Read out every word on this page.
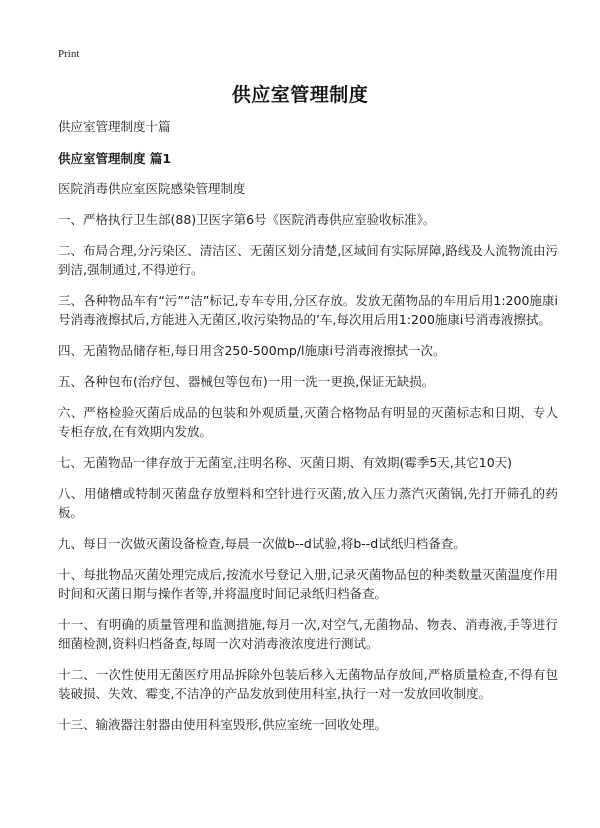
Print
供应室管理制度

供应室管理制度十篇

供应室管理制度 篇1

医院消毒供应室医院感染管理制度

一、严格执行卫生部(88)卫医字第6号《医院消毒供应室验收标准》。

二、布局合理,分污染区、清洁区、无菌区划分清楚,区域间有实际屏障,路线及人流物流由污到洁,强制通过,不得逆行。

三、各种物品车有“污”“洁”标记,专车专用,分区存放。发放无菌物品的车用后用1:200施康ⅰ号消毒液擦拭后,方能进入无菌区,收污染物品的’车,每次用后用1:200施康ⅰ号消毒液擦拭。

四、无菌物品储存柜,每日用含250-500mp/l施康ⅰ号消毒液擦拭一次。

五、各种包布(治疗包、器械包等包布)一用一洗一更换,保证无缺损。

六、严格检验灭菌后成品的包装和外观质量,灭菌合格物品有明显的灭菌标志和日期、专人专柜存放,在有效期内发放。

七、无菌物品一律存放于无菌室,注明名称、灭菌日期、有效期(霉季5天,其它10天)

八、用储槽或特制灭菌盘存放塑料和空针进行灭菌,放入压力蒸汽灭菌锅,先打开筛孔的药板。

九、每日一次做灭菌设备检查,每晨一次做b--d试验,将b--d试纸归档备查。

十、每批物品灭菌处理完成后,按流水号登记入册,记录灭菌物品包的种类数量灭菌温度作用时间和灭菌日期与操作者等,并将温度时间记录纸归档备查。

十一、有明确的质量管理和监测措施,每月一次,对空气,无菌物品、物表、消毒液,手等进行细菌检测,资料归档备查,每周一次对消毒液浓度进行测试。

十二、一次性使用无菌医疗用品拆除外包装后移入无菌物品存放间,严格质量检查,不得有包装破损、失效、霉变,不洁净的产品发放到使用科室,执行一对一发放回收制度。

十三、输液器注射器由使用科室毁形,供应室统一回收处理。
